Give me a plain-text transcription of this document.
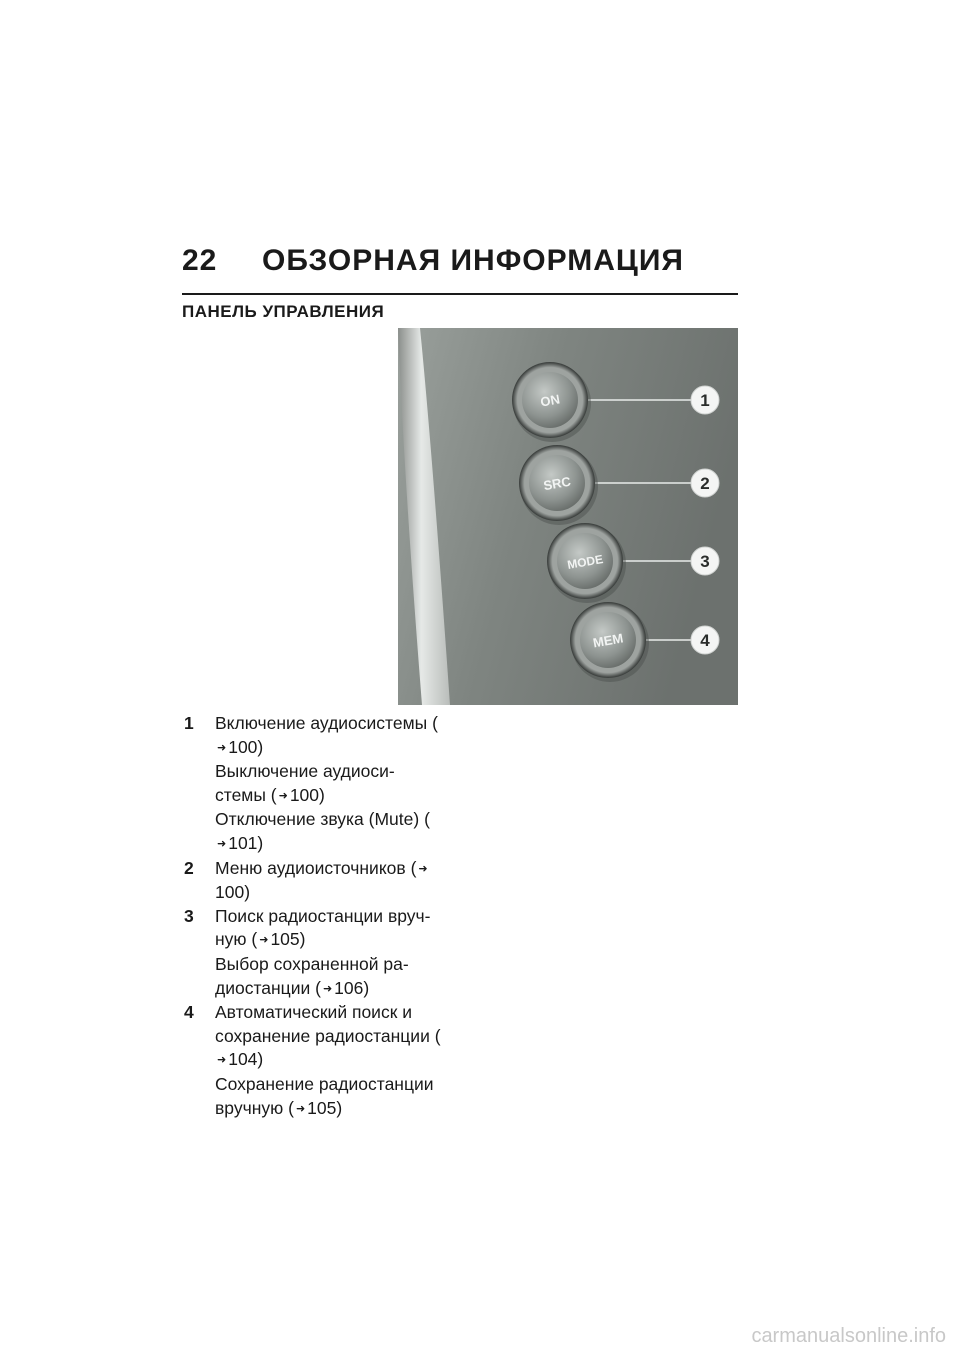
22 ОБЗОРНАЯ ИНФОРМАЦИЯ
ПАНЕЛЬ УПРАВЛЕНИЯ
ON	1
SRC	2
MODE	3
MEM	4
1 Включение аудиосистемы (➜ 100)
Выключение аудиоси-стемы ( ➜ 100)
Отключение звука (Mute) (➜ 101)
2 Меню аудиоисточников ( ➜100)
3 Поиск радиостанции вруч-ную ( ➜ 105)
Выбор сохраненной ра-диостанции ( ➜ 106)
4 Автоматический поиск и сохранение радиостанции (➜ 104)
Сохранение радиостанции вручную ( ➜ 105)
carmanualsonline.info
